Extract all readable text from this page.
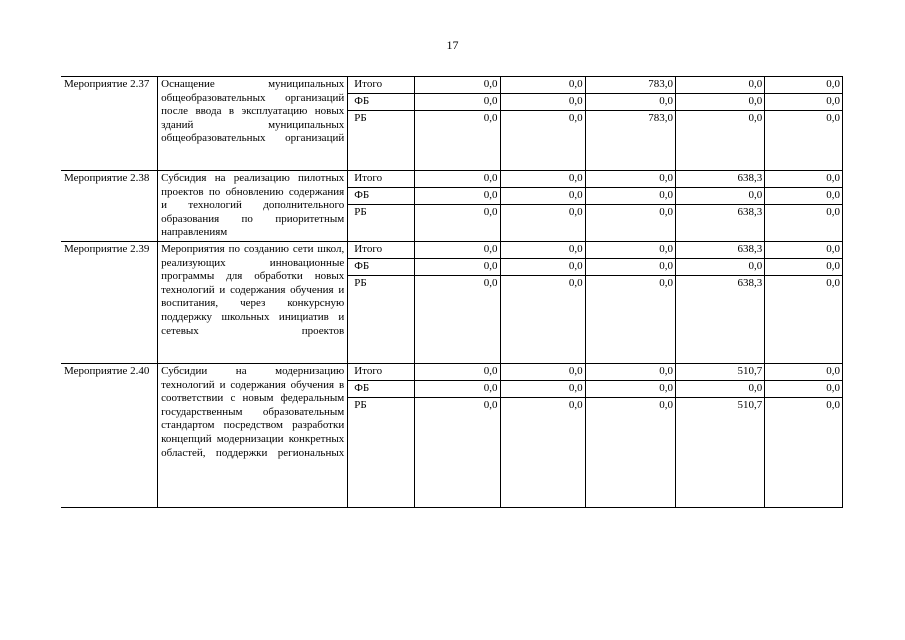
17
Мероприятие 2.37	Оснащение муниципальных общеобразовательных организаций после ввода в эксплуатацию новых зданий муниципальных общеобразовательных организаций	Итого	0,0	0,0	783,0	0,0	0,0
		ФБ	0,0	0,0	0,0	0,0	0,0
		РБ	0,0	0,0	783,0	0,0	0,0
Мероприятие 2.38	Субсидия на реализацию пилотных проектов по обновлению содержания и технологий дополнительного образования по приоритетным направлениям	Итого	0,0	0,0	0,0	638,3	0,0
		ФБ	0,0	0,0	0,0	0,0	0,0
		РБ	0,0	0,0	0,0	638,3	0,0
Мероприятие 2.39	Мероприятия по созданию сети школ, реализующих инновационные программы для обработки новых технологий и содержания обучения и воспитания, через конкурсную поддержку школьных инициатив и сетевых проектов	Итого	0,0	0,0	0,0	638,3	0,0
		ФБ	0,0	0,0	0,0	0,0	0,0
		РБ	0,0	0,0	0,0	638,3	0,0
Мероприятие 2.40	Субсидии на модернизацию технологий и содержания обучения в соответствии с новым федеральным государственным образовательным стандартом посредством разработки концепций модернизации конкретных областей, поддержки региональных	Итого	0,0	0,0	0,0	510,7	0,0
		ФБ	0,0	0,0	0,0	0,0	0,0
		РБ	0,0	0,0	0,0	510,7	0,0
